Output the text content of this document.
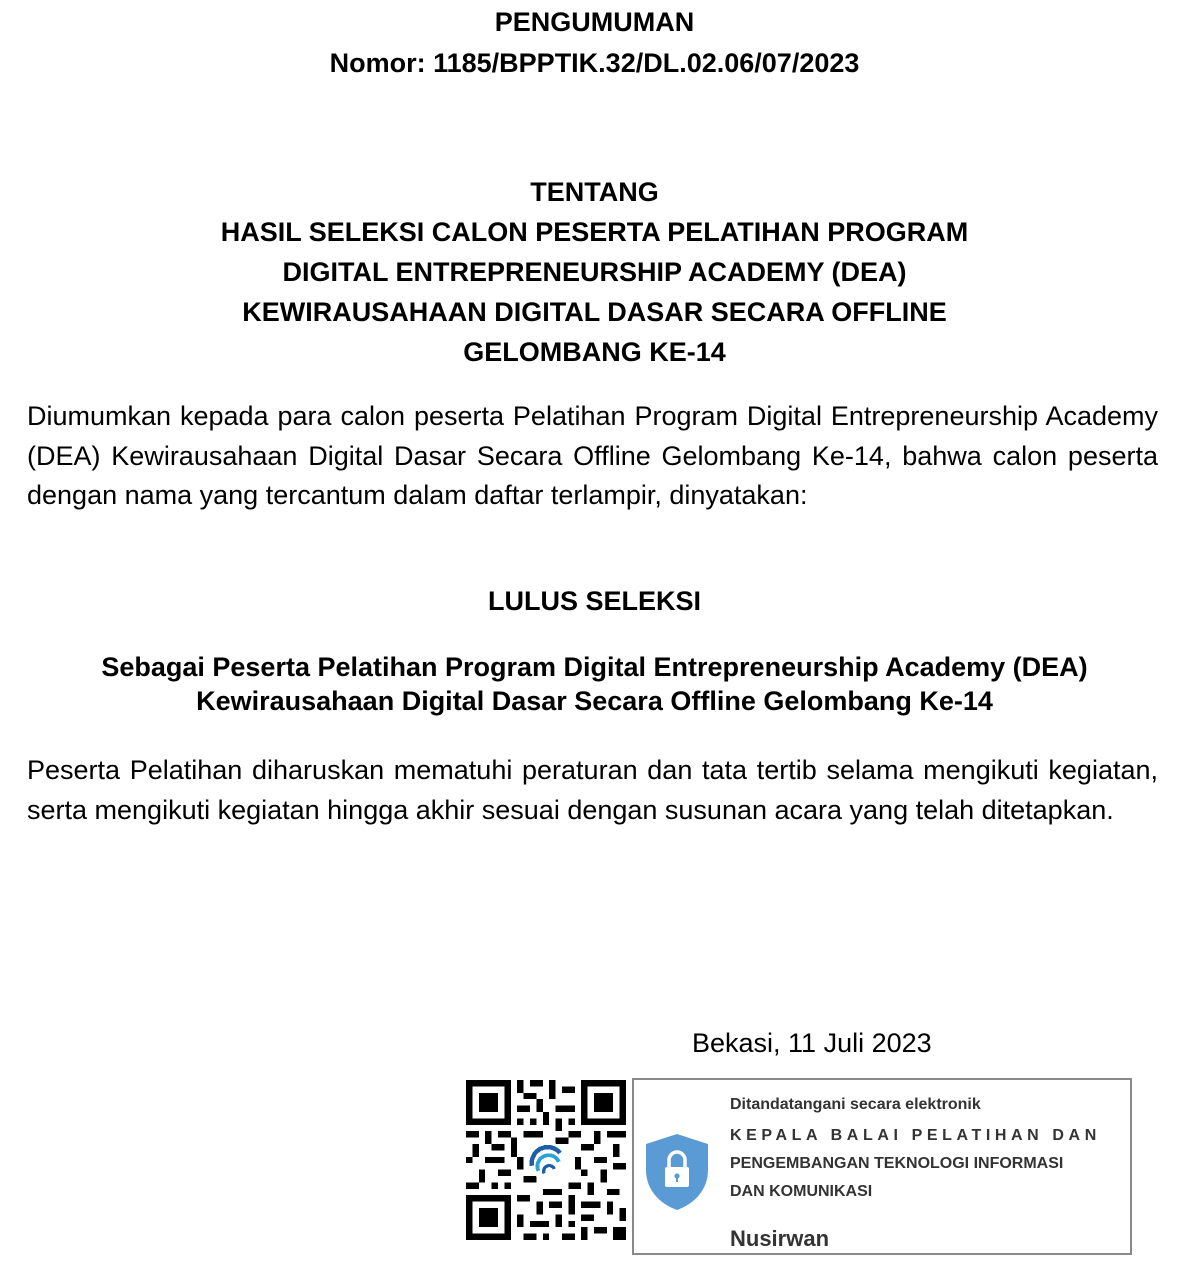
PENGUMUMAN
Nomor: 1185/BPPTIK.32/DL.02.06/07/2023
TENTANG
HASIL SELEKSI CALON PESERTA PELATIHAN PROGRAM
DIGITAL ENTREPRENEURSHIP ACADEMY (DEA)
KEWIRAUSAHAAN DIGITAL DASAR SECARA OFFLINE
GELOMBANG KE-14
Diumumkan kepada para calon peserta Pelatihan Program Digital Entrepreneurship Academy (DEA) Kewirausahaan Digital Dasar Secara Offline Gelombang Ke-14, bahwa calon peserta dengan nama yang tercantum dalam daftar terlampir, dinyatakan:
LULUS SELEKSI
Sebagai Peserta Pelatihan Program Digital Entrepreneurship Academy (DEA)
Kewirausahaan Digital Dasar Secara Offline Gelombang Ke-14
Peserta Pelatihan diharuskan mematuhi peraturan dan tata tertib selama mengikuti kegiatan, serta mengikuti kegiatan hingga akhir sesuai dengan susunan acara yang telah ditetapkan.
Bekasi, 11 Juli 2023
Ditandatangani secara elektronik
KEPALA BALAI PELATIHAN DAN
PENGEMBANGAN TEKNOLOGI INFORMASI
DAN KOMUNIKASI
Nusirwan
